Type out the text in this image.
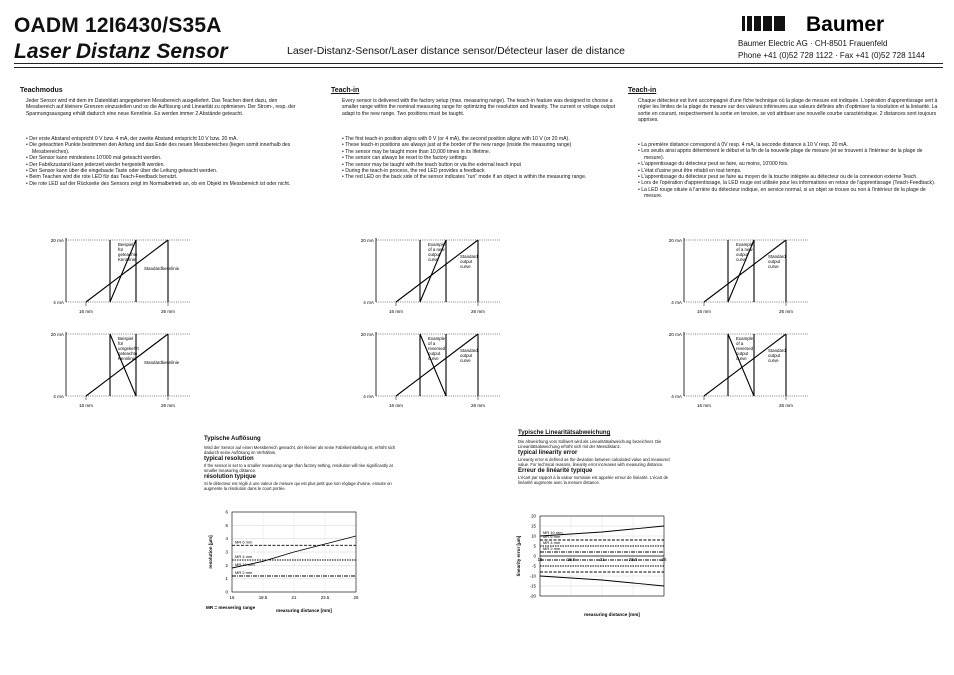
OADM 12I6430/S35A
Laser Distanz Sensor	Laser-Distanz-Sensor/Laser distance sensor/Détecteur laser de distance
Baumer
Baumer Electric AG · CH-8501 Frauenfeld
Phone +41 (0)52 728 1122 · Fax +41 (0)52 728 1144
Teachmodus
Jeder Sensor wird mit dem im Datenblatt angegebenen Messbereich ausgeliefert. Das Teachen dient dazu, den Messbereich auf kleinere Grenzen einzustellen und so die Auflösung und Linearität zu optimieren. Der Strom-, resp. der Spannungsausgang erhält dadurch eine neue Kennlinie. Es werden immer 2 Abstände geteacht.
• Der erste Abstand entspricht 0 V bzw. 4 mA, der zweite Abstand entspricht 10 V bzw. 20 mA.
• Die geteachten Punkte bestimmen den Anfang und das Ende des neuen Messbereiches (liegen somit innerhalb des Messbereiches).
• Der Sensor kann mindestens 10'000 mal geteacht werden.
• Der Fabrikzustand kann jederzeit wieder hergestellt werden.
• Der Sensor kann über die eingebaute Taste oder über die Leitung geteacht werden.
• Beim Teachen wird die rote LED für das Teach-Feedback benutzt.
• Die rote LED auf der Rückseite des Sensors zeigt im Normalbetrieb an, ob ein Objekt im Messbereich ist oder nicht.
Teach-in
Every sensor is delivered with the factory setup (max. measuring range). The teach-in feature was designed to choose a smaller range within the nominal measuring range for optimizing the resolution and linearity. The current or voltage output adapt to the new range. Two positions must be taught.
• The first teach-in position aligns with 0 V (or 4 mA), the second position aligns with 10 V (or 20 mA).
• These teach-in positions are always just at the border of the new range (inside the measuring range)
• The sensor may be taught more than 10,000 times in its lifetime.
• The sensor can always be reset to the factory settings
• The sensor may be taught with the teach button or via the external teach input
• During the teach-in process, the red LED provides a feedback
• The red LED on the back side of the sensor indicates “run” mode if an object is within the measuring range.
Teach-in
Chaque détecteur est livré accompagné d'une fiche technique où la plage de mesure est indiquée. L'opération d'apprentissage sert à régler les limites de la plage de mesure sur des valeurs inférieures aux valeurs définies afin d'optimiser la résolution et la linéarité. La sortie en courant, respectivement la sortie en tension, se voit attribuer une nouvelle courbe caractéristique. 2 distances sont toujours apprises.
• La première distance correspond à 0V resp. 4 mA, la seconde distance à 10 V resp. 20 mA.
• Les seuils ainsi appris déterminent le début et la fin de la nouvelle plage de mesure (et se trouvent à l'intérieur de la plage de mesure).
• L'apprentissage du détecteur peut se faire, au moins, 10'000 fois.
• L'état d'usine peut être rétabli en tout temps.
• L'apprentissage du détecteur peut se faire au moyen de la touche intégrée au détecteur ou de la connexion externe Teach.
• Lors de l'opération d'apprentissage, la LED rouge est utilisée pour les informations en retour de l'apprentissage (Teach-Feedback).
• La LED rouge située à l'arrière du détecteur indique, en service normal, si un objet se trouve ou non à l'intérieur de la plage de mesure.
20 mA
4 mA
16 mm	26 mm
Beispiel für geteachte Kennlinie
Standardkennlinie
20 mA
4 mA
16 mm	26 mm
Beispiel für umgekehrt geteachte Kennlinie
Standardkennlinie
20 mA
4 mA
16 mm	26 mm
Example of a new output curve
Standard output curve
20 mA
4 mA
16 mm	26 mm
Example of a reversed output curve
Standard output curve
20 mA
4 mA
16 mm	26 mm
Example of a new output curve
Standard output curve
20 mA
4 mA
16 mm	26 mm
Example of a reversed output curve
Standard output curve
Typische Auflösung
Wird der Sensor auf einen Messbereich geteacht, der kleiner als seine Fabrikeinstellung ist, erhöht sich dadurch seine Auflösung im Verhältnis.
typical resolution
If the sensor is set to a smaller measuring range than factory setting, resolution will rise significantly at smaller measuring distance.
résolution typique
Si le détecteur est réglé à une valeur de mesure qui est plus petit que son réglage d'usine, ensuite on augmente la résolution dans le court portée.
Typische Linearitätsabweichung
Die Abweichung vom Sollwert wird als Linearitätsabweichung bezeichnet. Die Linearitätsabweichung erhöht sich mit der Messdistanz.
typical linearity error
Linearity error is defined as the deviation between calculated value and measured value. For technical reasons, linearity error increases with measuring distance.
Erreur de linéarité typique
L'écart par rapport à la valeur nominale est appelée erreur de linéarité. L'écart de linéarité augmente avec la mesure distance.
0
1
2
3
4
5
6
16	18.5	21	23.5	26
MR 10 mm
MR 6 mm
MR 4 mm
MR 2 mm
measuring distance [mm]
resolution [µm]
MR = messering range
-20
-15
-10
-5
0
5
10
15
20
16	18.5	21	23.5	26
MR 10 mm
MR 6 mm
MR 4 mm
MR 2 mm
measuring distance [mm]
linearity error [µm]
